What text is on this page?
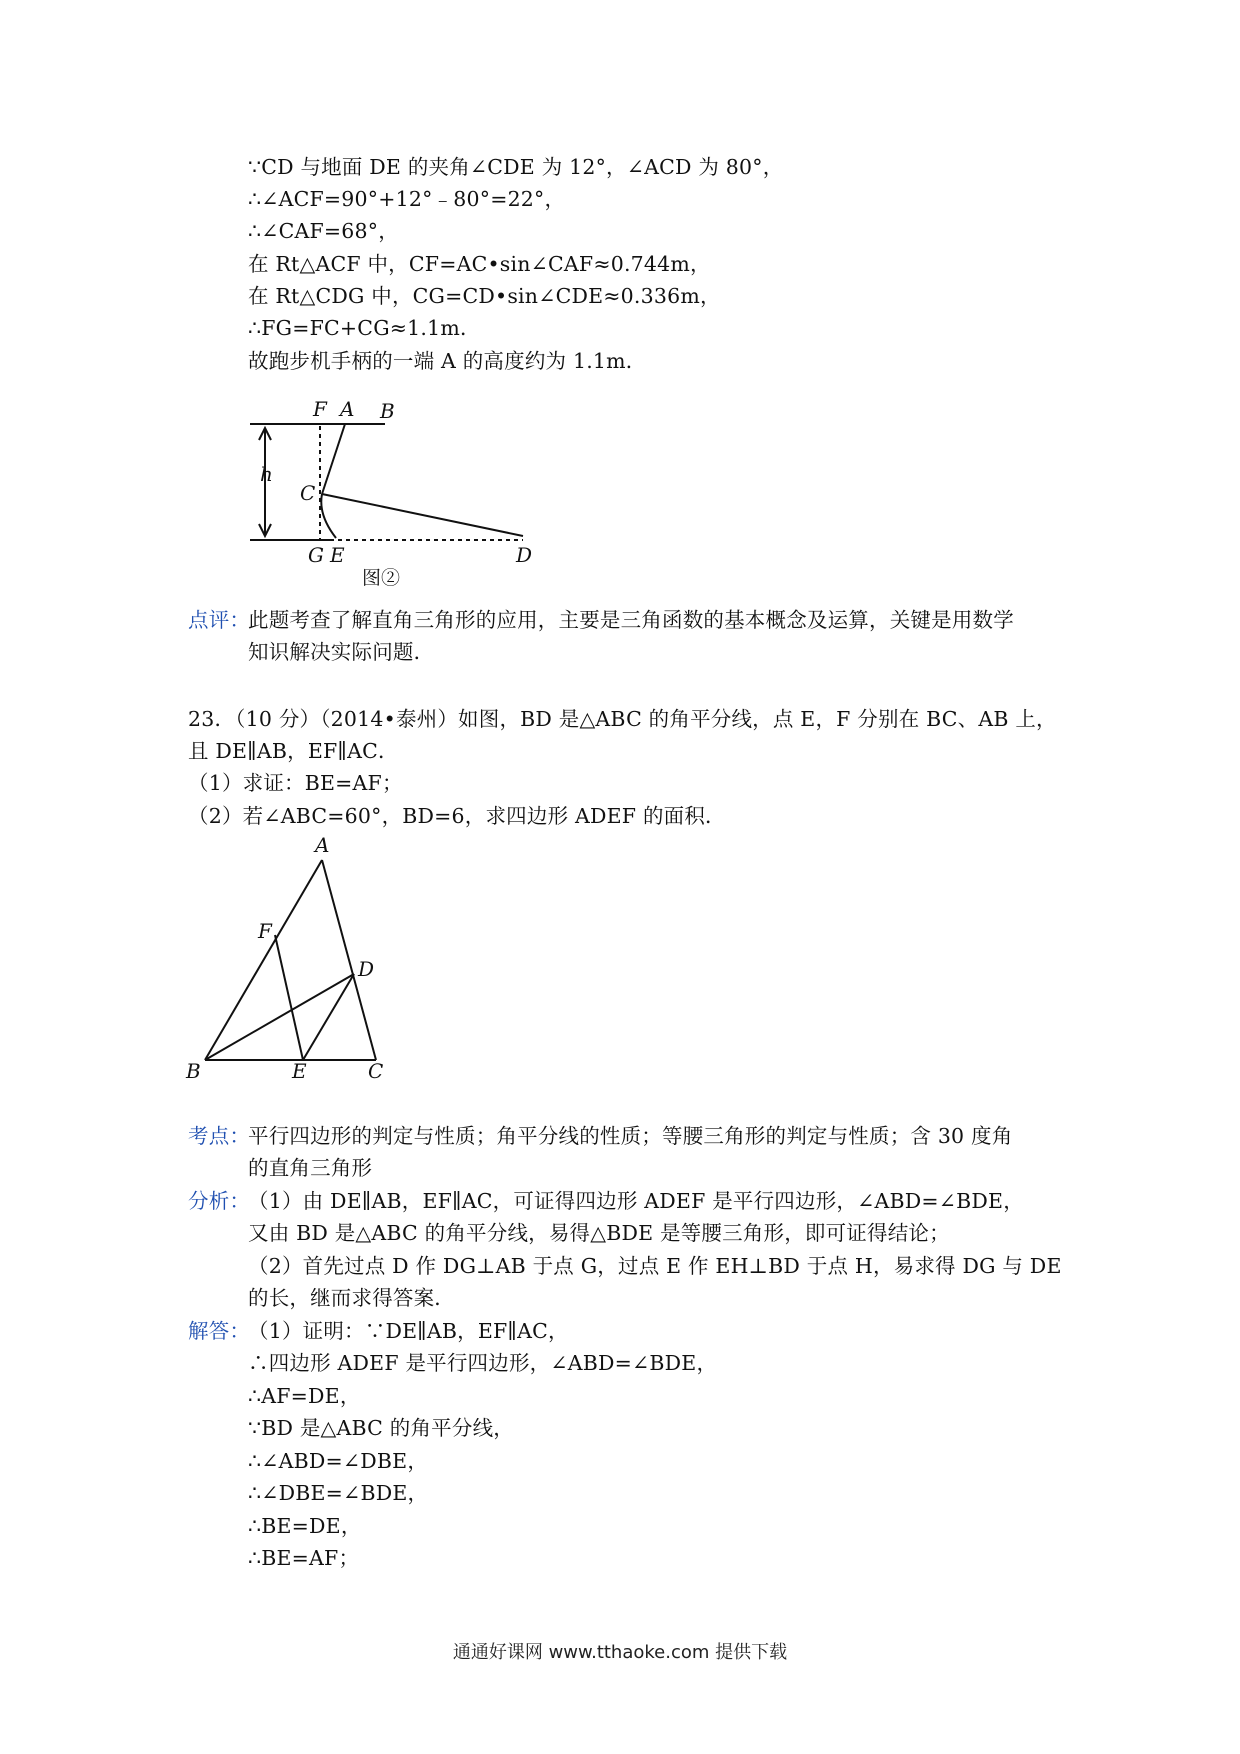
∵CD 与地面 DE 的夹角∠CDE 为 12°，∠ACD 为 80°，
∴∠ACF=90°+12°﹣80°=22°，
∴∠CAF=68°，
在 Rt△ACF 中，CF=AC•sin∠CAF≈0.744m，
在 Rt△CDG 中，CG=CD•sin∠CDE≈0.336m，
∴FG=FC+CG≈1.1m．
故跑步机手柄的一端 A 的高度约为 1.1m．
F A B
h
C
G E	D
图②
点评：
此题考查了解直角三角形的应用，主要是三角函数的基本概念及运算，关键是用数学
知识解决实际问题．
23．（10 分）（2014•泰州）如图，BD 是△ABC 的角平分线，点 E，F 分别在 BC、AB 上，
且 DE∥AB，EF∥AC．
（1）求证：BE=AF；
（2）若∠ABC=60°，BD=6，求四边形 ADEF 的面积．
A
F
D
B	E	C
考点：
平行四边形的判定与性质；角平分线的性质；等腰三角形的判定与性质；含 30 度角
的直角三角形
分析：
（1）由 DE∥AB，EF∥AC，可证得四边形 ADEF 是平行四边形，∠ABD=∠BDE，
又由 BD 是△ABC 的角平分线，易得△BDE 是等腰三角形，即可证得结论；
（2）首先过点 D 作 DG⊥AB 于点 G，过点 E 作 EH⊥BD 于点 H，易求得 DG 与 DE
的长，继而求得答案．
解答：
（1）证明：∵DE∥AB，EF∥AC，
∴四边形 ADEF 是平行四边形，∠ABD=∠BDE，
∴AF=DE，
∵BD 是△ABC 的角平分线，
∴∠ABD=∠DBE，
∴∠DBE=∠BDE，
∴BE=DE，
∴BE=AF；
通通好课网 www.tthaoke.com 提供下载
